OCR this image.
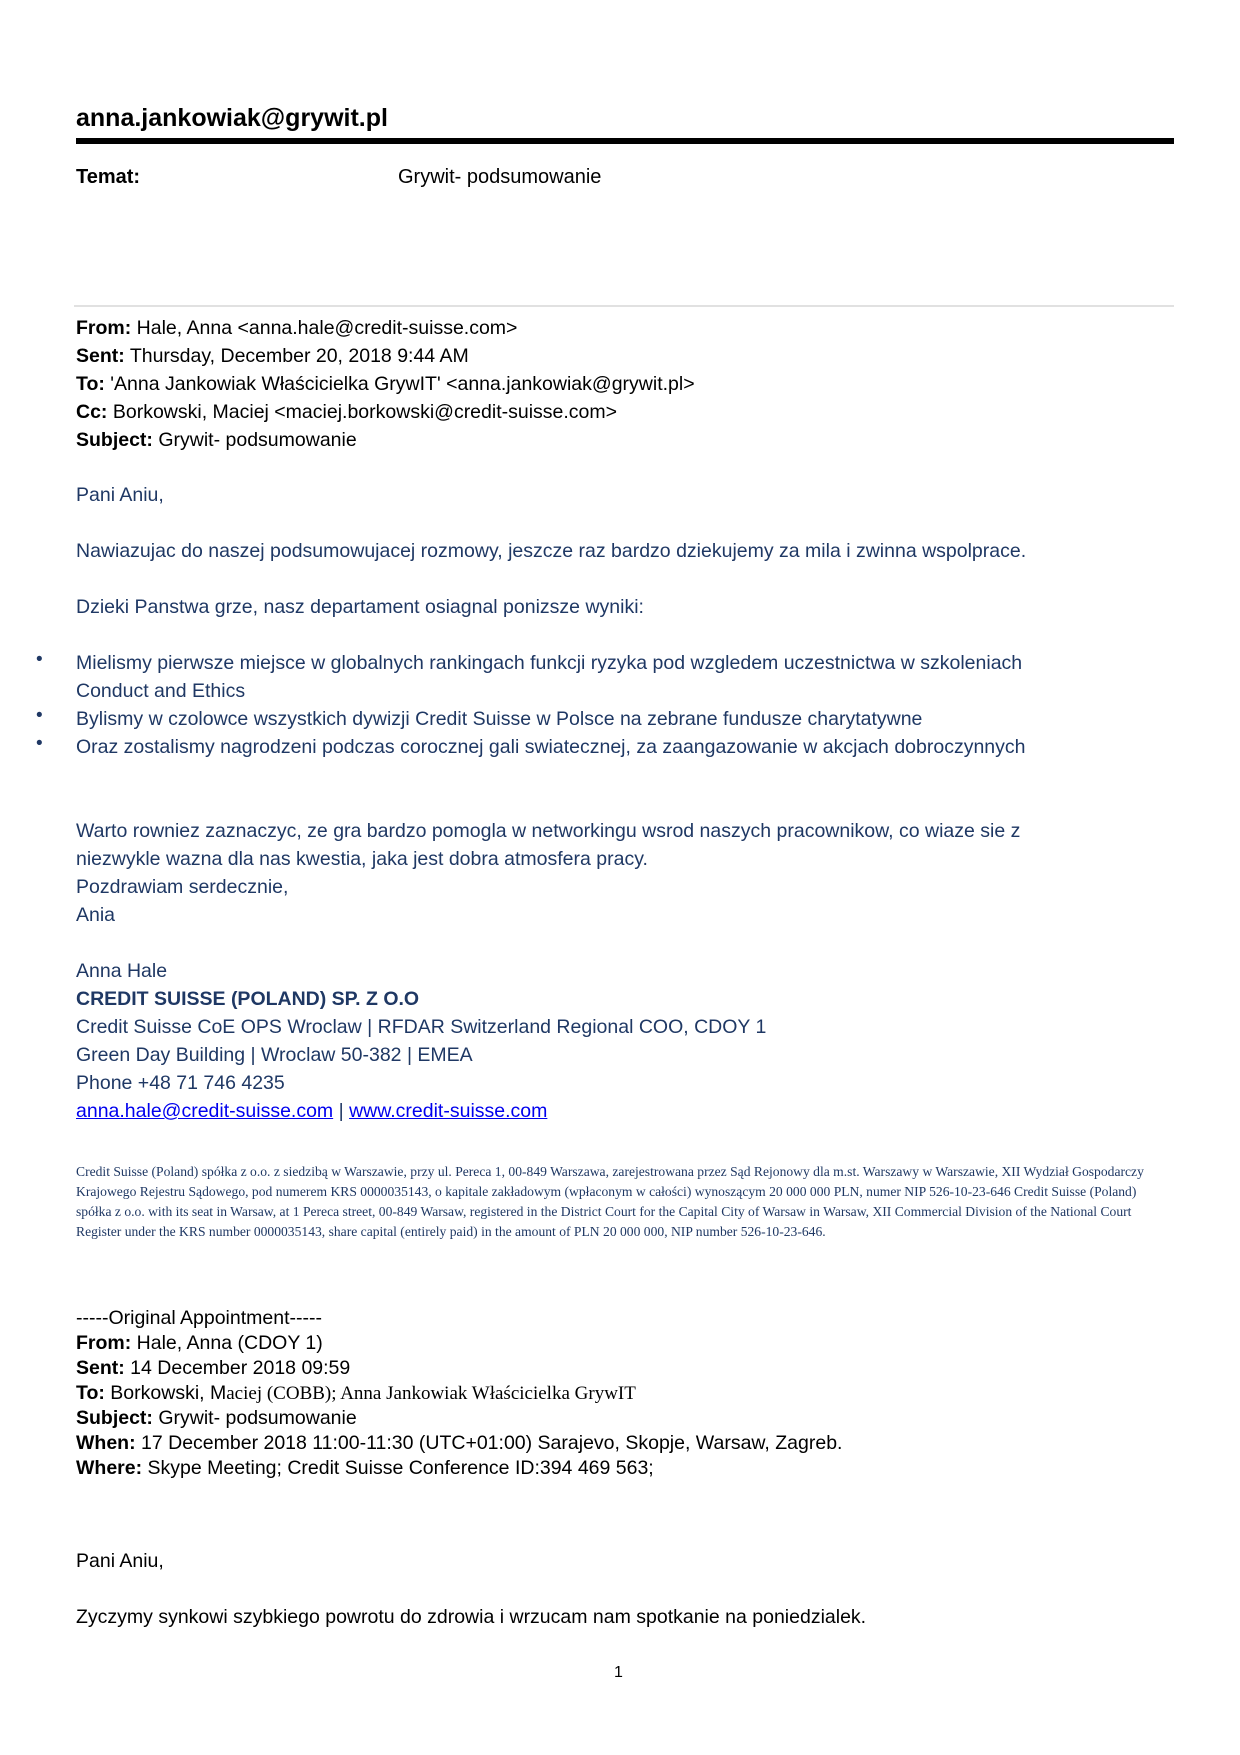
anna.jankowiak@grywit.pl
Temat:	Grywit- podsumowanie
From: Hale, Anna <anna.hale@credit-suisse.com>
Sent: Thursday, December 20, 2018 9:44 AM
To: 'Anna Jankowiak Właścicielka GrywIT' <anna.jankowiak@grywit.pl>
Cc: Borkowski, Maciej <maciej.borkowski@credit-suisse.com>
Subject: Grywit- podsumowanie
Pani Aniu,
Nawiazujac do naszej podsumowujacej rozmowy, jeszcze raz bardzo dziekujemy za mila i zwinna wspolprace.
Dzieki Panstwa grze, nasz departament osiagnal ponizsze wyniki:
• Mielismy pierwsze miejsce w globalnych rankingach funkcji ryzyka pod wzgledem uczestnictwa w szkoleniach
Conduct and Ethics
• Bylismy w czolowce wszystkich dywizji Credit Suisse w Polsce na zebrane fundusze charytatywne
• Oraz zostalismy nagrodzeni podczas corocznej gali swiatecznej, za zaangazowanie w akcjach dobroczynnych
Warto rowniez zaznaczyc, ze gra bardzo pomogla w networkingu wsrod naszych pracownikow, co wiaze sie z
niezwykle wazna dla nas kwestia, jaka jest dobra atmosfera pracy.
Pozdrawiam serdecznie,
Ania
Anna Hale
CREDIT SUISSE (POLAND) SP. Z O.O
Credit Suisse CoE OPS Wroclaw | RFDAR Switzerland Regional COO, CDOY 1
Green Day Building | Wroclaw 50-382 | EMEA
Phone +48 71 746 4235
anna.hale@credit-suisse.com | www.credit-suisse.com
Credit Suisse (Poland) spółka z o.o. z siedzibą w Warszawie, przy ul. Pereca 1, 00-849 Warszawa, zarejestrowana przez Sąd Rejonowy dla m.st. Warszawy w Warszawie, XII Wydział Gospodarczy Krajowego Rejestru Sądowego, pod numerem KRS 0000035143, o kapitale zakładowym (wpłaconym w całości) wynoszącym 20 000 000 PLN, numer NIP 526-10-23-646 Credit Suisse (Poland) spółka z o.o. with its seat in Warsaw, at 1 Pereca street, 00-849 Warsaw, registered in the District Court for the Capital City of Warsaw in Warsaw, XII Commercial Division of the National Court Register under the KRS number 0000035143, share capital (entirely paid) in the amount of PLN 20 000 000, NIP number 526-10-23-646.
-----Original Appointment-----
From: Hale, Anna (CDOY 1)
Sent: 14 December 2018 09:59
To: Borkowski, Maciej (COBB); Anna Jankowiak Właścicielka GrywIT
Subject: Grywit- podsumowanie
When: 17 December 2018 11:00-11:30 (UTC+01:00) Sarajevo, Skopje, Warsaw, Zagreb.
Where: Skype Meeting; Credit Suisse Conference ID:394 469 563;
Pani Aniu,
Zyczymy synkowi szybkiego powrotu do zdrowia i wrzucam nam spotkanie na poniedzialek.
1
